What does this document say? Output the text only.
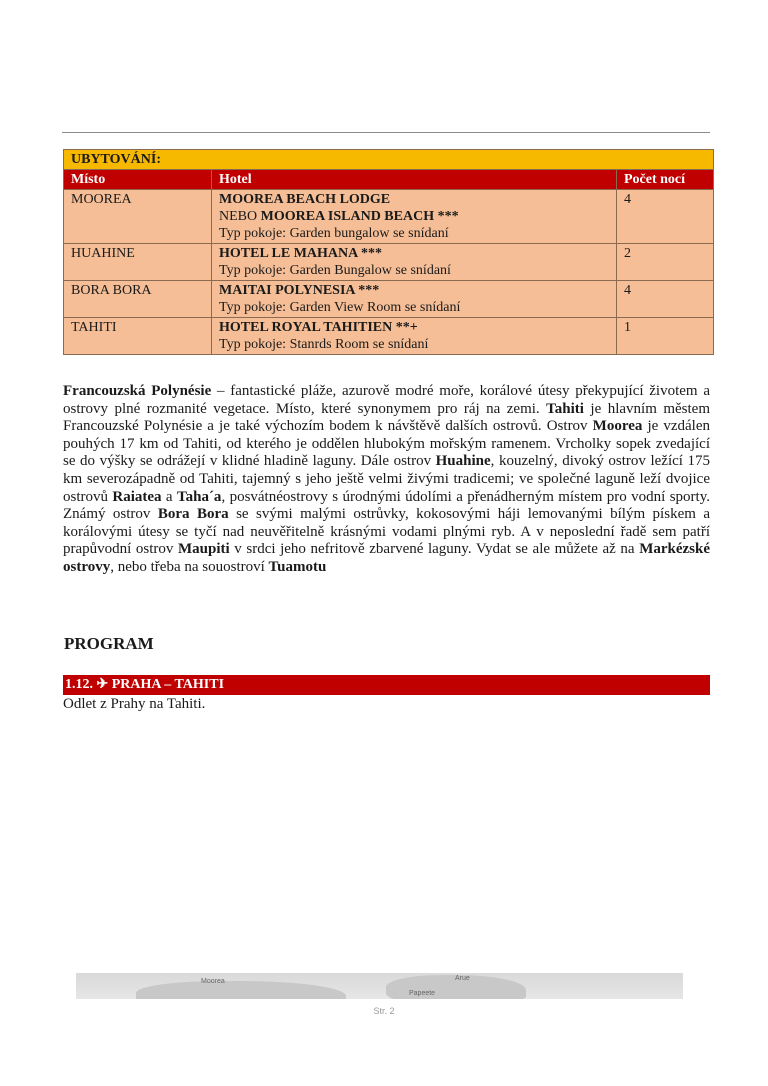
UBYTOVÁNÍ:		
Místo	Hotel	Počet nocí
MOOREA	MOOREA BEACH LODGE
NEBO MOOREA ISLAND BEACH ***
Typ pokoje: Garden bungalow se snídaní	4
HUAHINE	HOTEL LE MAHANA ***
Typ pokoje: Garden Bungalow se snídaní	2
BORA BORA	MAITAI POLYNESIA ***
Typ pokoje: Garden View Room se snídaní	4
TAHITI	HOTEL ROYAL TAHITIEN **+
Typ pokoje: Stanrds Room se snídaní	1

Francouzská Polynésie – fantastické pláže, azurově modré moře, korálové útesy překypující životem a ostrovy plné rozmanité vegetace. Místo, které synonymem pro ráj na zemi. Tahiti je hlavním městem Francouzské Polynésie a je také výchozím bodem k návštěvě dalších ostrovů. Ostrov Moorea je vzdálen pouhých 17 km od Tahiti, od kterého je oddělen hlubokým mořským ramenem. Vrcholky sopek zvedající se do výšky se odrážejí v klidné hladině laguny. Dále ostrov Huahine, kouzelný, divoký ostrov ležící 175 km severozápadně od Tahiti, tajemný s jeho ještě velmi živými tradicemi; ve společné laguně leží dvojice ostrovů Raiatea a Taha´a, posvátnéostrovy s úrodnými údolími a přenádherným místem pro vodní sporty. Známý ostrov Bora Bora se svými malými ostrůvky, kokosovými háji lemovanými bílým pískem a korálovými útesy se tyčí nad neuvěřitelně krásnými vodami plnými ryb. A v neposlední řadě sem patří prapůvodní ostrov Maupiti v srdci jeho nefritově zbarvené laguny. Vydat se ale můžete až na Markézské ostrovy, nebo třeba na souostroví Tuamotu

PROGRAM
1.12. ✈ PRAHA – TAHITI

Odlet z Prahy na Tahiti.

Moorea	Arue
Papeete
Str. 2
